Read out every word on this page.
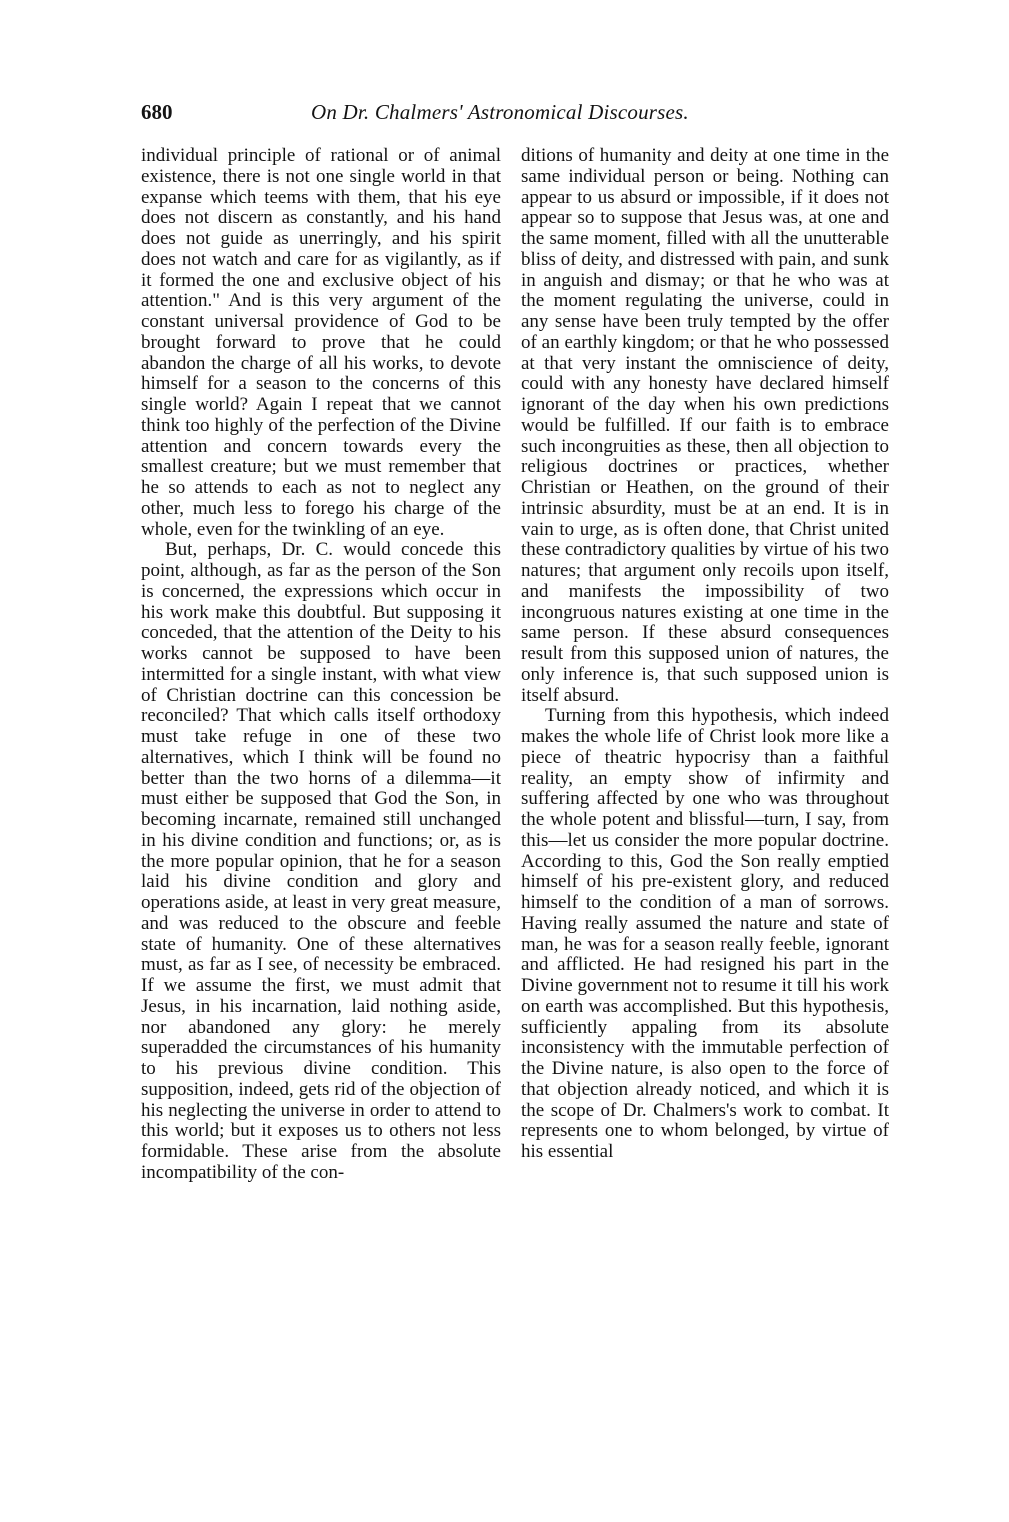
680	On Dr. Chalmers' Astronomical Discourses.

individual principle of rational or of animal existence, there is not one single world in that expanse which teems with them, that his eye does not discern as constantly, and his hand does not guide as unerringly, and his spirit does not watch and care for as vigilantly, as if it formed the one and exclusive object of his attention." And is this very argument of the constant universal providence of God to be brought forward to prove that he could abandon the charge of all his works, to devote himself for a season to the concerns of this single world? Again I repeat that we cannot think too highly of the perfection of the Divine attention and concern towards every the smallest creature; but we must remember that he so attends to each as not to neglect any other, much less to forego his charge of the whole, even for the twinkling of an eye.

But, perhaps, Dr. C. would concede this point, although, as far as the person of the Son is concerned, the expressions which occur in his work make this doubtful. But supposing it conceded, that the attention of the Deity to his works cannot be supposed to have been intermitted for a single instant, with what view of Christian doctrine can this concession be reconciled? That which calls itself orthodoxy must take refuge in one of these two alternatives, which I think will be found no better than the two horns of a dilemma—it must either be supposed that God the Son, in becoming incarnate, remained still unchanged in his divine condition and functions; or, as is the more popular opinion, that he for a season laid his divine condition and glory and operations aside, at least in very great measure, and was reduced to the obscure and feeble state of humanity. One of these alternatives must, as far as I see, of necessity be embraced. If we assume the first, we must admit that Jesus, in his incarnation, laid nothing aside, nor abandoned any glory: he merely superadded the circumstances of his humanity to his previous divine condition. This supposition, indeed, gets rid of the objection of his neglecting the universe in order to attend to this world; but it exposes us to others not less formidable. These arise from the absolute incompatibility of the con-

ditions of humanity and deity at one time in the same individual person or being. Nothing can appear to us absurd or impossible, if it does not appear so to suppose that Jesus was, at one and the same moment, filled with all the unutterable bliss of deity, and distressed with pain, and sunk in anguish and dismay; or that he who was at the moment regulating the universe, could in any sense have been truly tempted by the offer of an earthly kingdom; or that he who possessed at that very instant the omniscience of deity, could with any honesty have declared himself ignorant of the day when his own predictions would be fulfilled. If our faith is to embrace such incongruities as these, then all objection to religious doctrines or practices, whether Christian or Heathen, on the ground of their intrinsic absurdity, must be at an end. It is in vain to urge, as is often done, that Christ united these contradictory qualities by virtue of his two natures; that argument only recoils upon itself, and manifests the impossibility of two incongruous natures existing at one time in the same person. If these absurd consequences result from this supposed union of natures, the only inference is, that such supposed union is itself absurd.

Turning from this hypothesis, which indeed makes the whole life of Christ look more like a piece of theatric hypocrisy than a faithful reality, an empty show of infirmity and suffering affected by one who was throughout the whole potent and blissful—turn, I say, from this—let us consider the more popular doctrine. According to this, God the Son really emptied himself of his pre-existent glory, and reduced himself to the condition of a man of sorrows. Having really assumed the nature and state of man, he was for a season really feeble, ignorant and afflicted. He had resigned his part in the Divine government not to resume it till his work on earth was accomplished. But this hypothesis, sufficiently appaling from its absolute inconsistency with the immutable perfection of the Divine nature, is also open to the force of that objection already noticed, and which it is the scope of Dr. Chalmers's work to combat. It represents one to whom belonged, by virtue of his essential
